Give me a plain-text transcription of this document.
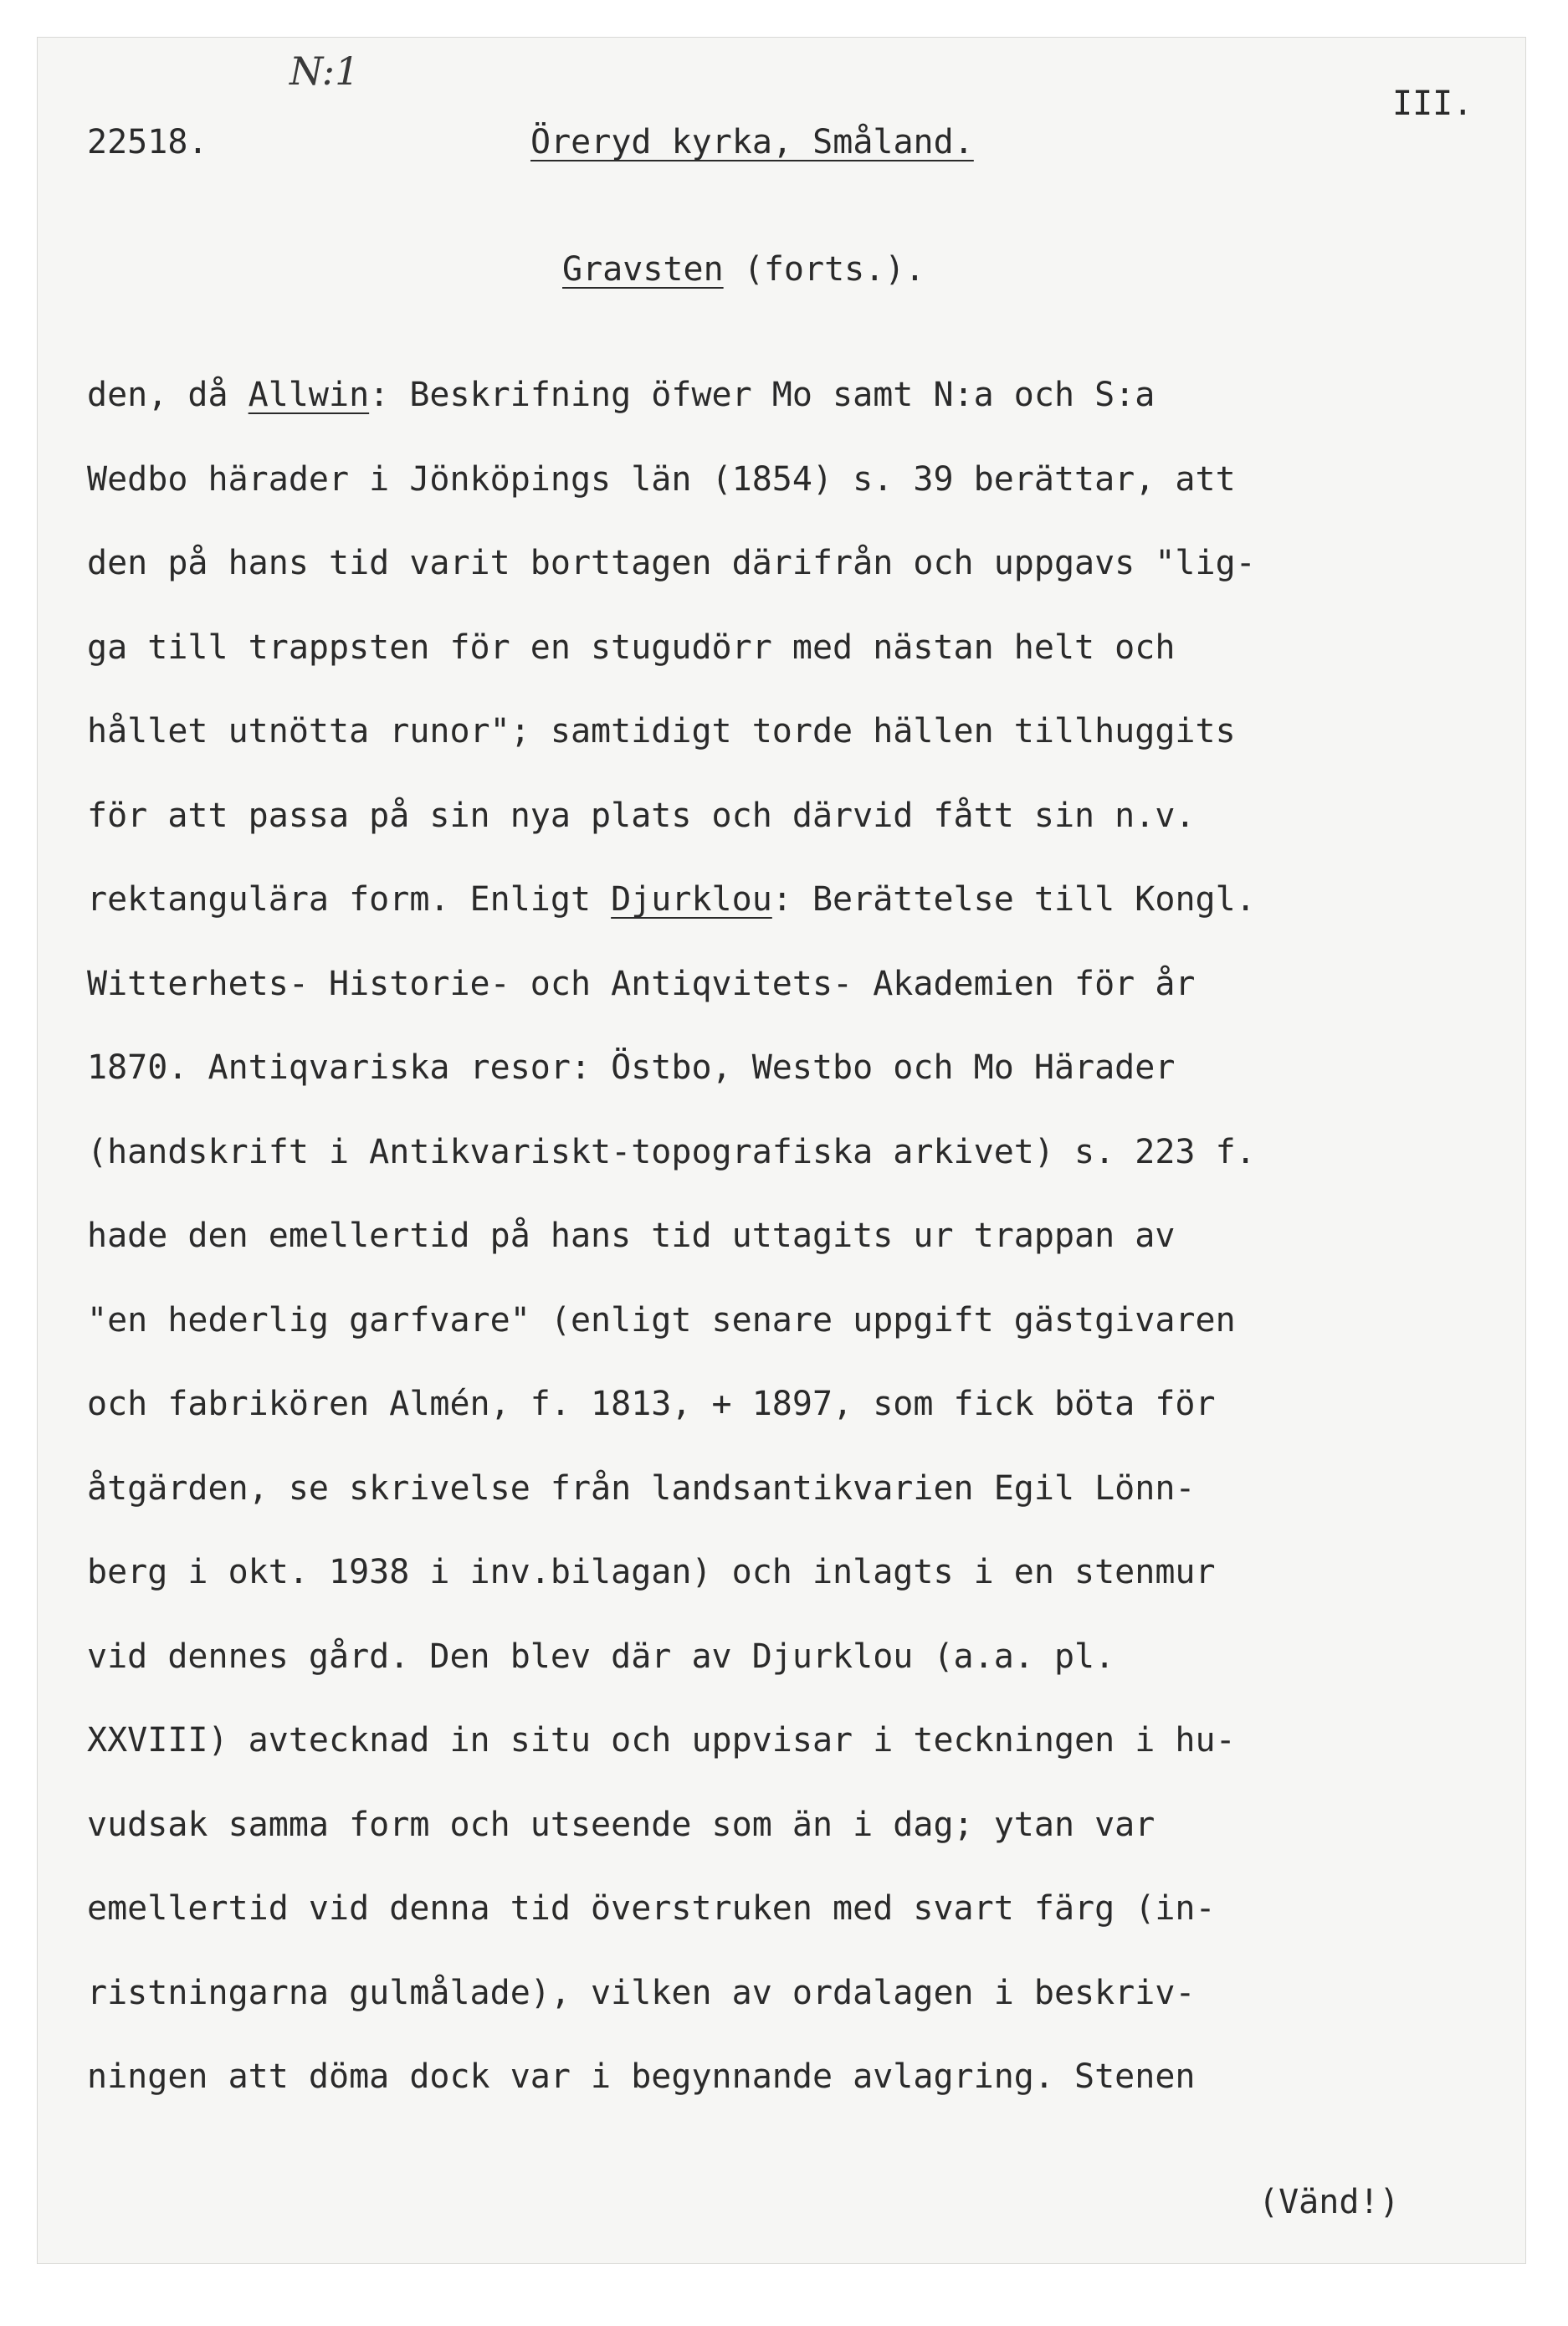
N:1
22518.	Öreryd kyrka, Småland.
III.
Gravsten (forts.).
den, då Allwin: Beskrifning öfwer Mo samt N:a och S:a
Wedbo härader i Jönköpings län (1854) s. 39 berättar, att
den på hans tid varit borttagen därifrån och uppgavs "lig-
ga till trappsten för en stugudörr med nästan helt och
hållet utnötta runor"; samtidigt torde hällen tillhuggits
för att passa på sin nya plats och därvid fått sin n.v.
rektangulära form. Enligt Djurklou: Berättelse till Kongl.
Witterhets- Historie- och Antiqvitets- Akademien för år
1870. Antiqvariska resor: Östbo, Westbo och Mo Härader
(handskrift i Antikvariskt-topografiska arkivet) s. 223 f.
hade den emellertid på hans tid uttagits ur trappan av
"en hederlig garfvare" (enligt senare uppgift gästgivaren
och fabrikören Almén, f. 1813, + 1897, som fick böta för
åtgärden, se skrivelse från landsantikvarien Egil Lönn-
berg i okt. 1938 i inv.bilagan) och inlagts i en stenmur
vid dennes gård. Den blev där av Djurklou (a.a. pl.
XXVIII) avtecknad in situ och uppvisar i teckningen i hu-
vudsak samma form och utseende som än i dag; ytan var
emellertid vid denna tid överstruken med svart färg (in-
ristningarna gulmålade), vilken av ordalagen i beskriv-
ningen att döma dock var i begynnande avlagring. Stenen
(Vänd!)
